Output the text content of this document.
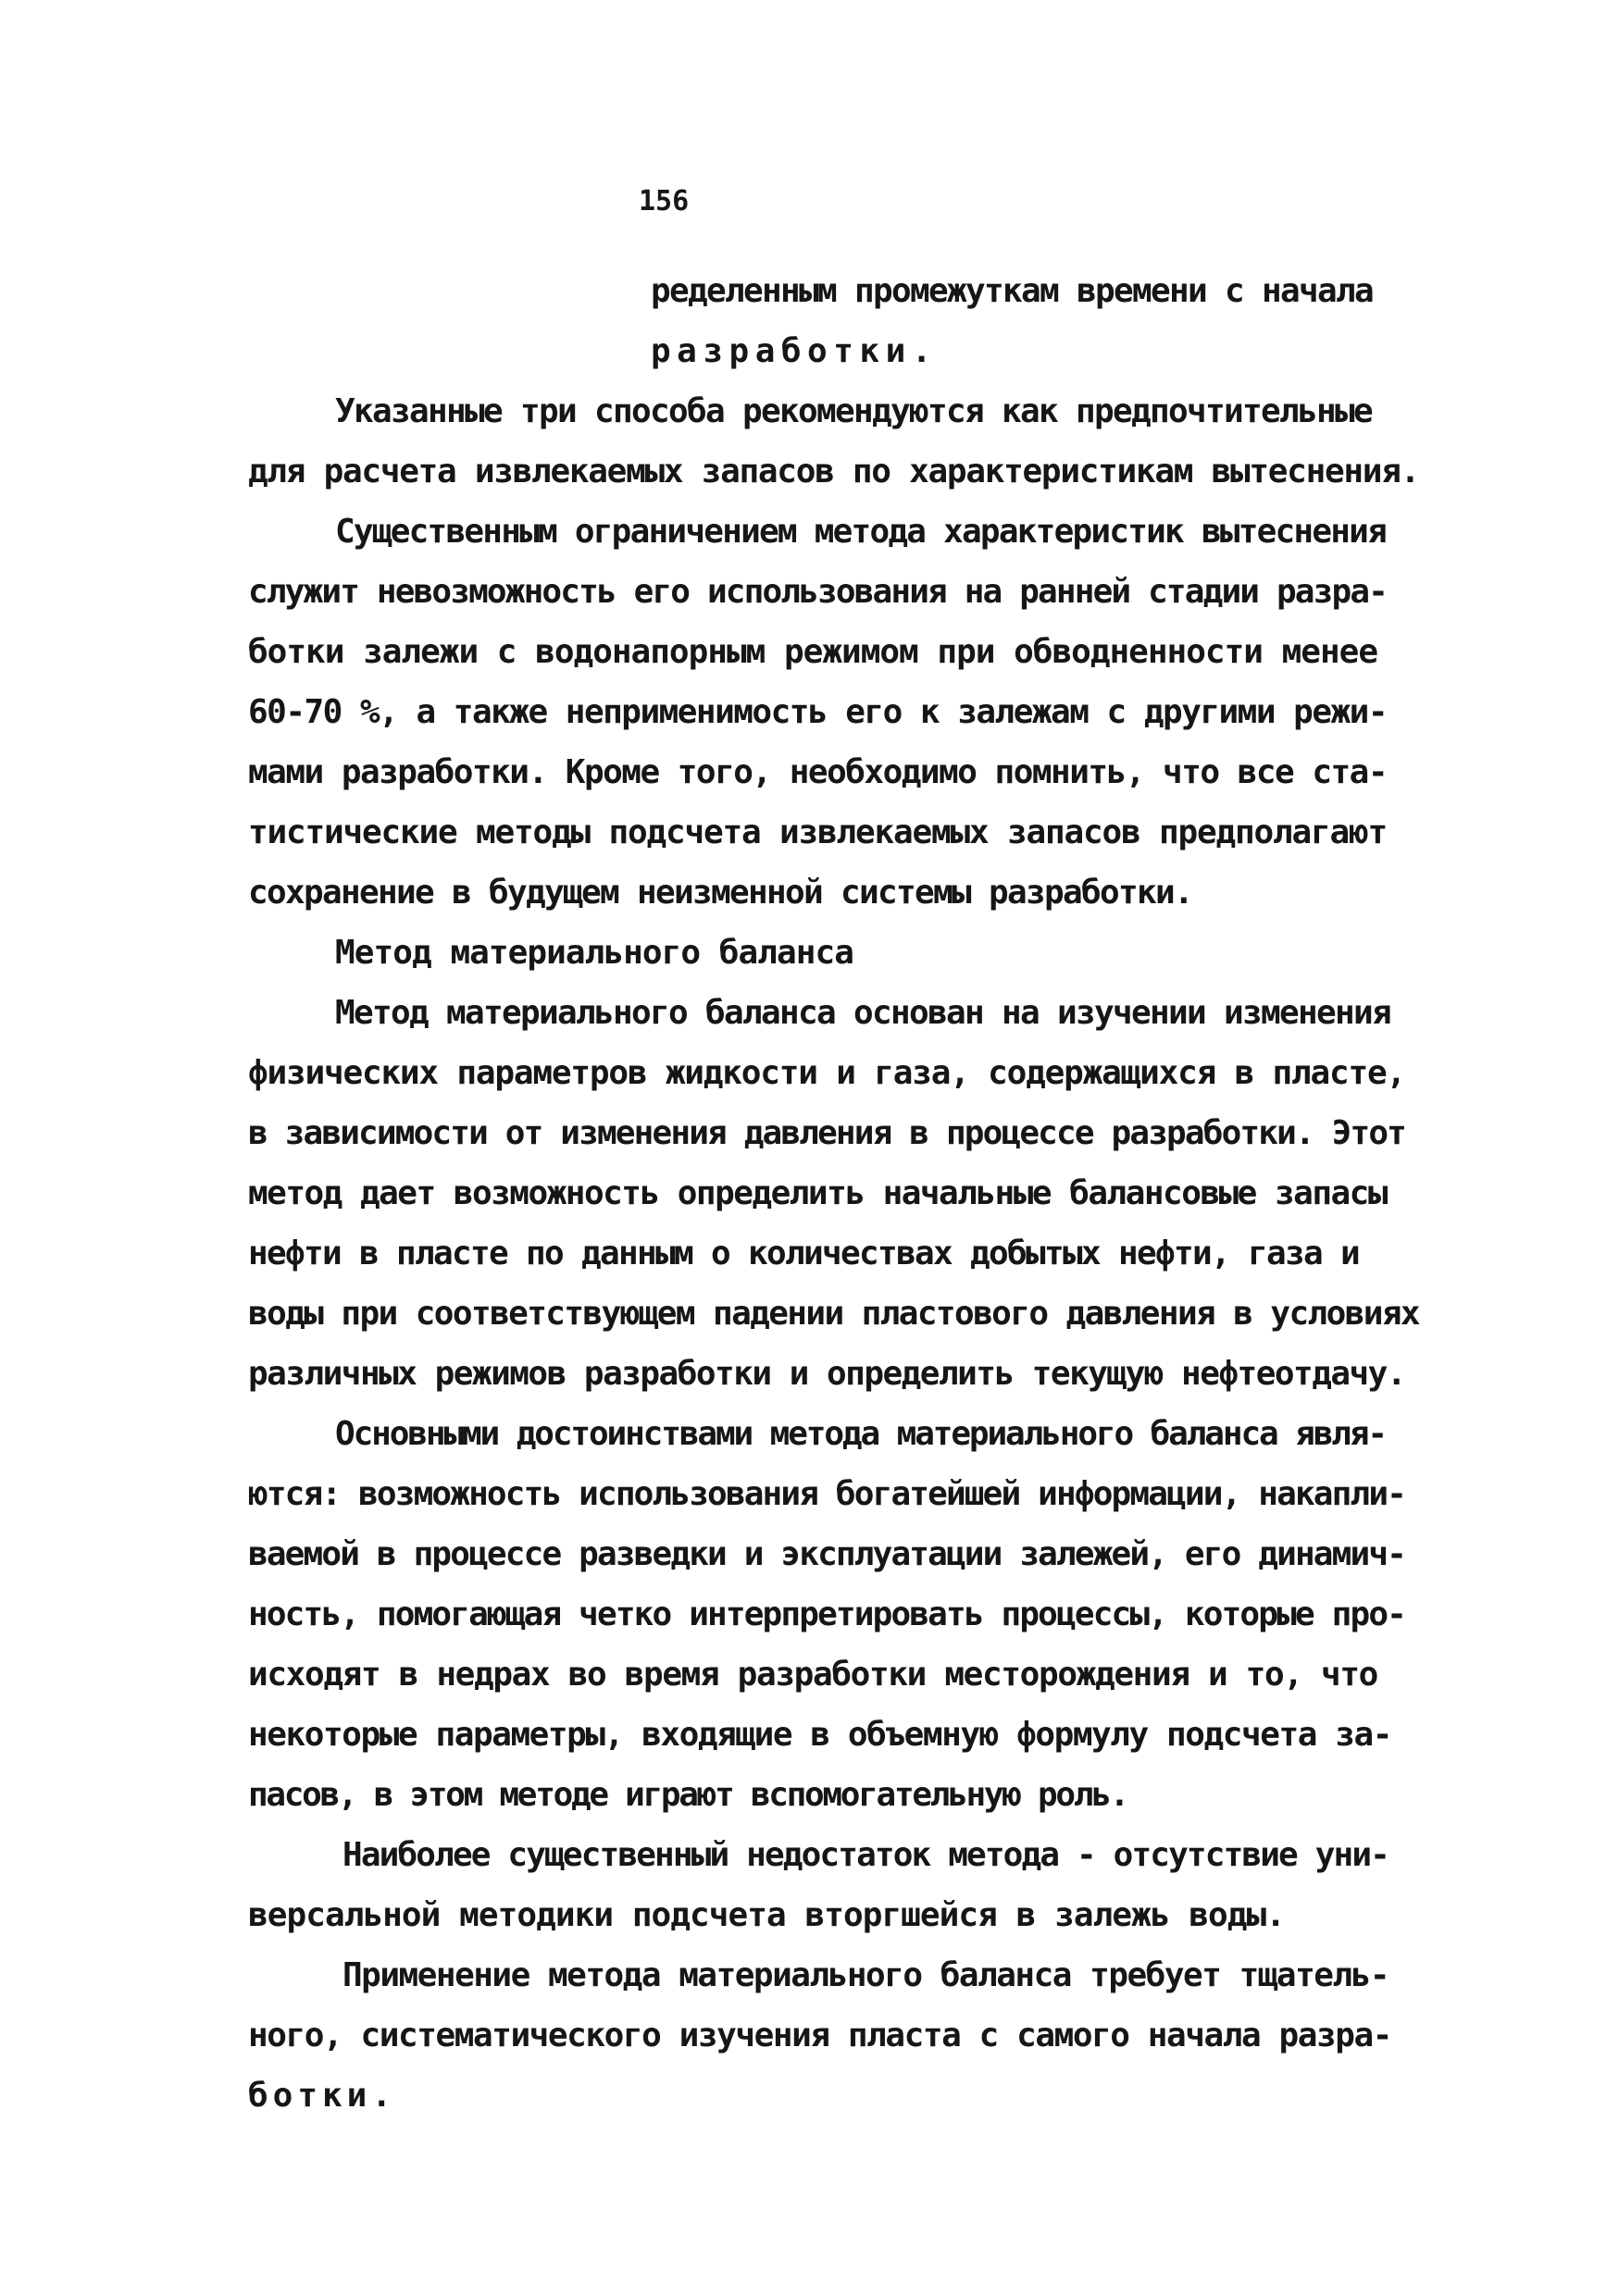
156

ределенным промежуткам времени с начала

разработки.

Указанные три способа рекомендуются как предпочтительные

для расчета извлекаемых запасов по характеристикам вытеснения.

Существенным ограничением метода характеристик вытеснения

служит невозможность его использования на ранней стадии разра-

ботки залежи с водонапорным режимом при обводненности менее

60-70 %, а также неприменимость его к залежам с другими режи-

мами разработки. Кроме того, необходимо помнить, что все ста-

тистические методы подсчета извлекаемых запасов предполагают

сохранение в будущем неизменной системы разработки.

Метод материального баланса

Метод материального баланса основан на изучении изменения

физических параметров жидкости и газа, содержащихся в пласте,

в зависимости от изменения давления в процессе разработки. Этот

метод дает возможность определить начальные балансовые запасы

нефти в пласте по данным о количествах добытых нефти, газа и

воды при соответствующем падении пластового давления в условиях

различных режимов разработки и определить текущую нефтеотдачу.

Основными достоинствами метода материального баланса явля-

ются: возможность использования богатейшей информации, накапли-

ваемой в процессе разведки и эксплуатации залежей, его динамич-

ность, помогающая четко интерпретировать процессы, которые про-

исходят в недрах во время разработки месторождения и то, что

некоторые параметры, входящие в объемную формулу подсчета за-

пасов, в этом методе играют вспомогательную роль.

Наиболее существенный недостаток метода - отсутствие уни-

версальной методики подсчета вторгшейся в залежь воды.

Применение метода материального баланса требует тщатель-

ного, систематического изучения пласта с самого начала разра-

ботки.
